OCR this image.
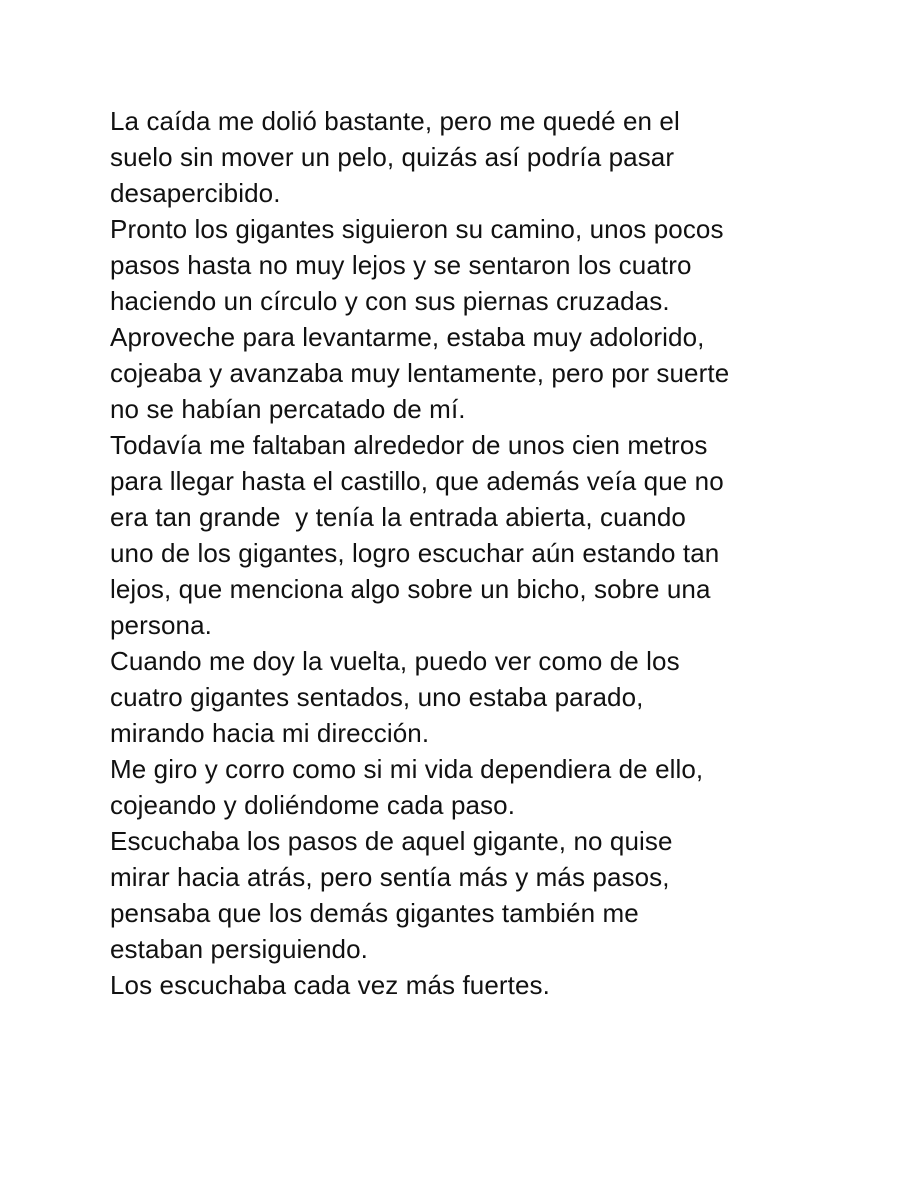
La caída me dolió bastante, pero me quedé en el
suelo sin mover un pelo, quizás así podría pasar
desapercibido.
Pronto los gigantes siguieron su camino, unos pocos
pasos hasta no muy lejos y se sentaron los cuatro
haciendo un círculo y con sus piernas cruzadas.
Aproveche para levantarme, estaba muy adolorido,
cojeaba y avanzaba muy lentamente, pero por suerte
no se habían percatado de mí.
Todavía me faltaban alrededor de unos cien metros
para llegar hasta el castillo, que además veía que no
era tan grande  y tenía la entrada abierta, cuando
uno de los gigantes, logro escuchar aún estando tan
lejos, que menciona algo sobre un bicho, sobre una
persona.
Cuando me doy la vuelta, puedo ver como de los
cuatro gigantes sentados, uno estaba parado,
mirando hacia mi dirección.
Me giro y corro como si mi vida dependiera de ello,
cojeando y doliéndome cada paso.
Escuchaba los pasos de aquel gigante, no quise
mirar hacia atrás, pero sentía más y más pasos,
pensaba que los demás gigantes también me
estaban persiguiendo.
Los escuchaba cada vez más fuertes.
